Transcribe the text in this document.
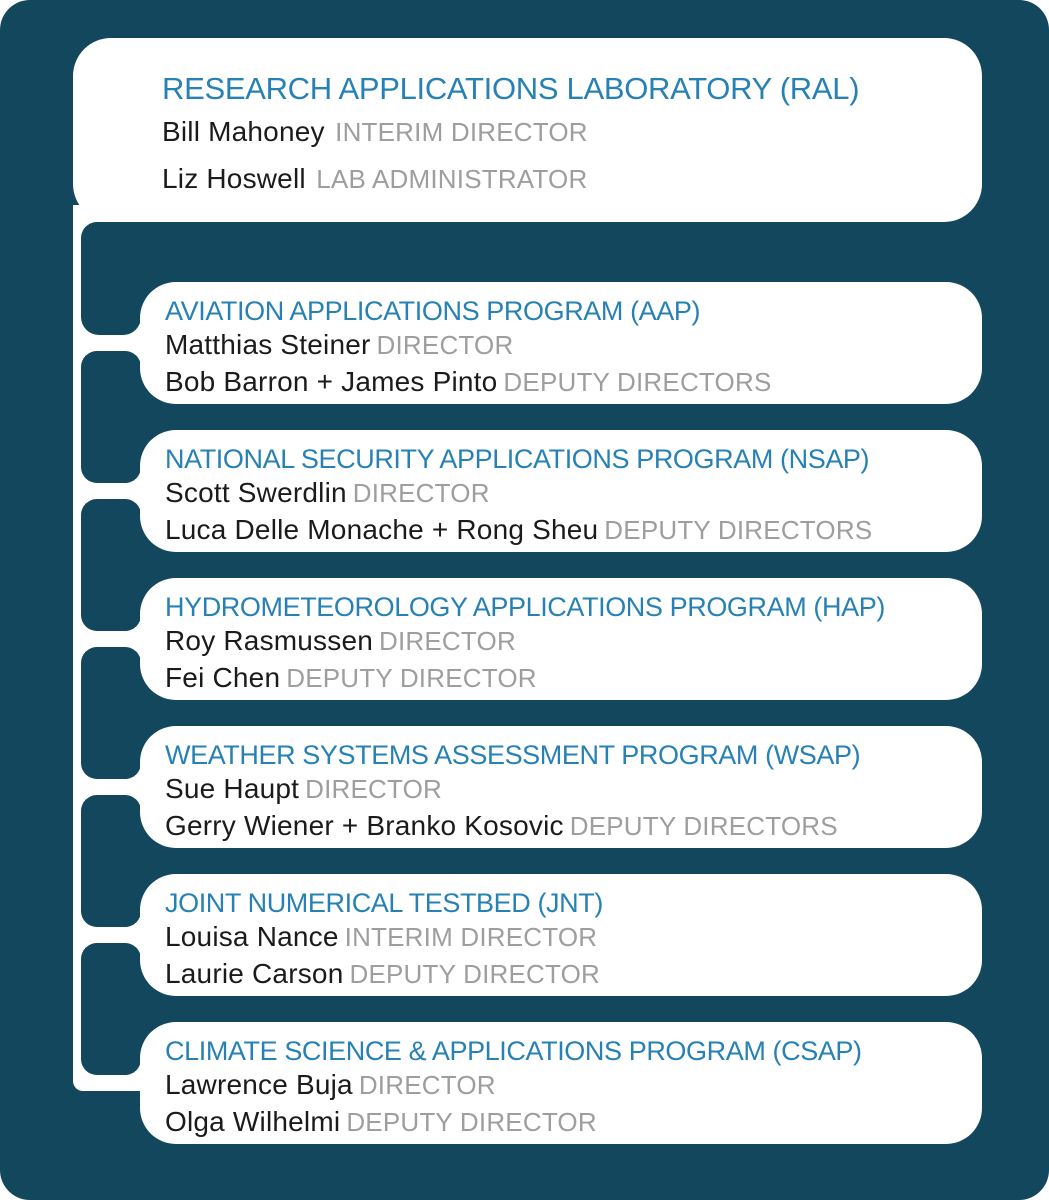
RESEARCH APPLICATIONS LABORATORY (RAL)
Bill Mahoney INTERIM DIRECTOR
Liz Hoswell LAB ADMINISTRATOR
AVIATION APPLICATIONS PROGRAM (AAP)
Matthias Steiner DIRECTOR
Bob Barron + James Pinto DEPUTY DIRECTORS
NATIONAL SECURITY APPLICATIONS PROGRAM (NSAP)
Scott Swerdlin DIRECTOR
Luca Delle Monache + Rong Sheu DEPUTY DIRECTORS
HYDROMETEOROLOGY APPLICATIONS PROGRAM (HAP)
Roy Rasmussen DIRECTOR
Fei Chen DEPUTY DIRECTOR
WEATHER SYSTEMS ASSESSMENT PROGRAM (WSAP)
Sue Haupt DIRECTOR
Gerry Wiener + Branko Kosovic DEPUTY DIRECTORS
JOINT NUMERICAL TESTBED (JNT)
Louisa Nance INTERIM DIRECTOR
Laurie Carson DEPUTY DIRECTOR
CLIMATE SCIENCE & APPLICATIONS PROGRAM (CSAP)
Lawrence Buja DIRECTOR
Olga Wilhelmi DEPUTY DIRECTOR
